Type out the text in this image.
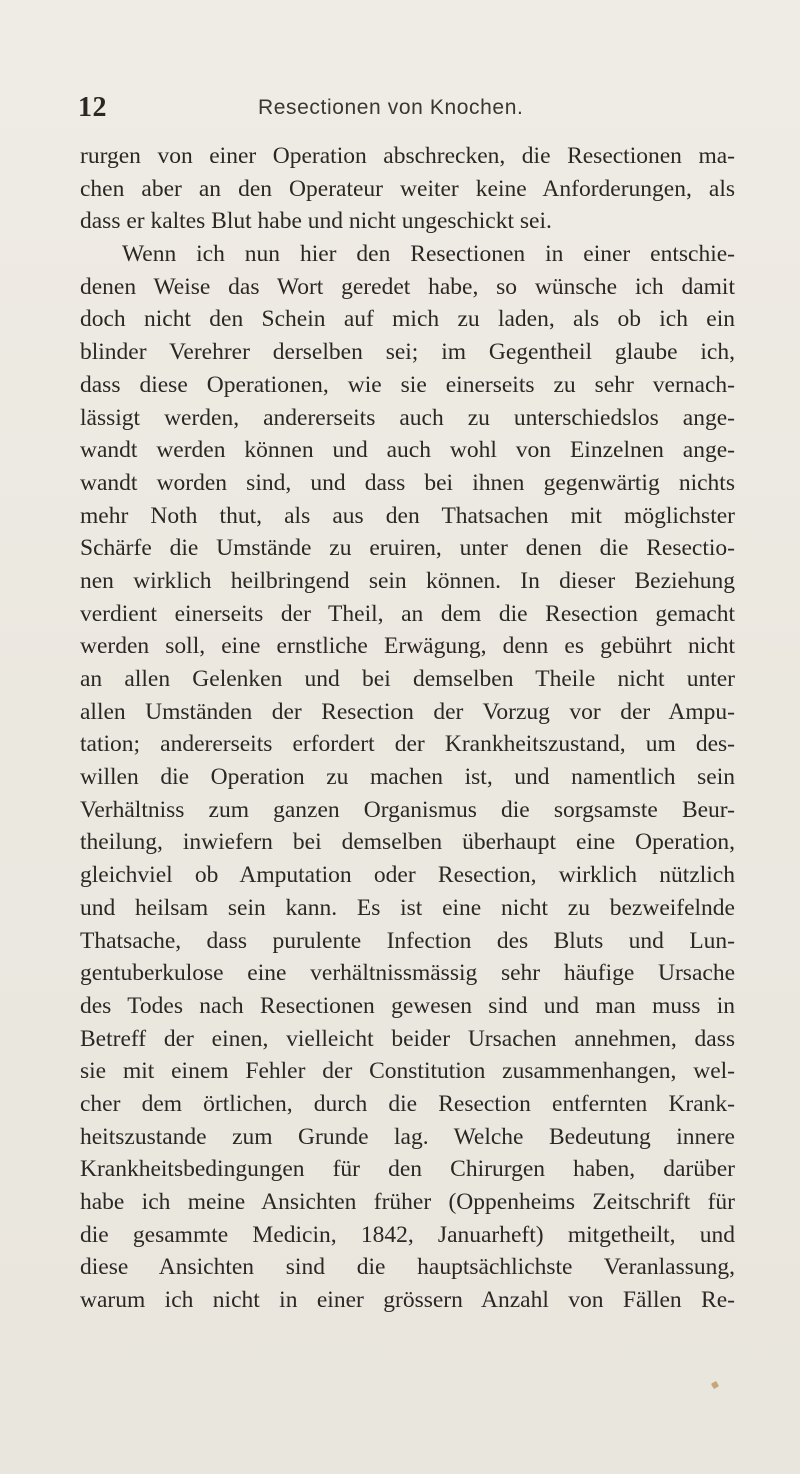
12	Resectionen von Knochen.
rurgen von einer Operation abschrecken, die Resectionen ma-
chen aber an den Operateur weiter keine Anforderungen, als
dass er kaltes Blut habe und nicht ungeschickt sei.
Wenn ich nun hier den Resectionen in einer entschie-
denen Weise das Wort geredet habe, so wünsche ich damit
doch nicht den Schein auf mich zu laden, als ob ich ein
blinder Verehrer derselben sei; im Gegentheil glaube ich,
dass diese Operationen, wie sie einerseits zu sehr vernach-
lässigt werden, andererseits auch zu unterschiedslos ange-
wandt werden können und auch wohl von Einzelnen ange-
wandt worden sind, und dass bei ihnen gegenwärtig nichts
mehr Noth thut, als aus den Thatsachen mit möglichster
Schärfe die Umstände zu eruiren, unter denen die Resectio-
nen wirklich heilbringend sein können. In dieser Beziehung
verdient einerseits der Theil, an dem die Resection gemacht
werden soll, eine ernstliche Erwägung, denn es gebührt nicht
an allen Gelenken und bei demselben Theile nicht unter
allen Umständen der Resection der Vorzug vor der Ampu-
tation; andererseits erfordert der Krankheitszustand, um des-
willen die Operation zu machen ist, und namentlich sein
Verhältniss zum ganzen Organismus die sorgsamste Beur-
theilung, inwiefern bei demselben überhaupt eine Operation,
gleichviel ob Amputation oder Resection, wirklich nützlich
und heilsam sein kann. Es ist eine nicht zu bezweifelnde
Thatsache, dass purulente Infection des Bluts und Lun-
gentuberkulose eine verhältnissmässig sehr häufige Ursache
des Todes nach Resectionen gewesen sind und man muss in
Betreff der einen, vielleicht beider Ursachen annehmen, dass
sie mit einem Fehler der Constitution zusammenhangen, wel-
cher dem örtlichen, durch die Resection entfernten Krank-
heitszustande zum Grunde lag. Welche Bedeutung innere
Krankheitsbedingungen für den Chirurgen haben, darüber
habe ich meine Ansichten früher (Oppenheims Zeitschrift für
die gesammte Medicin, 1842, Januarheft) mitgetheilt, und
diese Ansichten sind die hauptsächlichste Veranlassung,
warum ich nicht in einer grössern Anzahl von Fällen Re-
